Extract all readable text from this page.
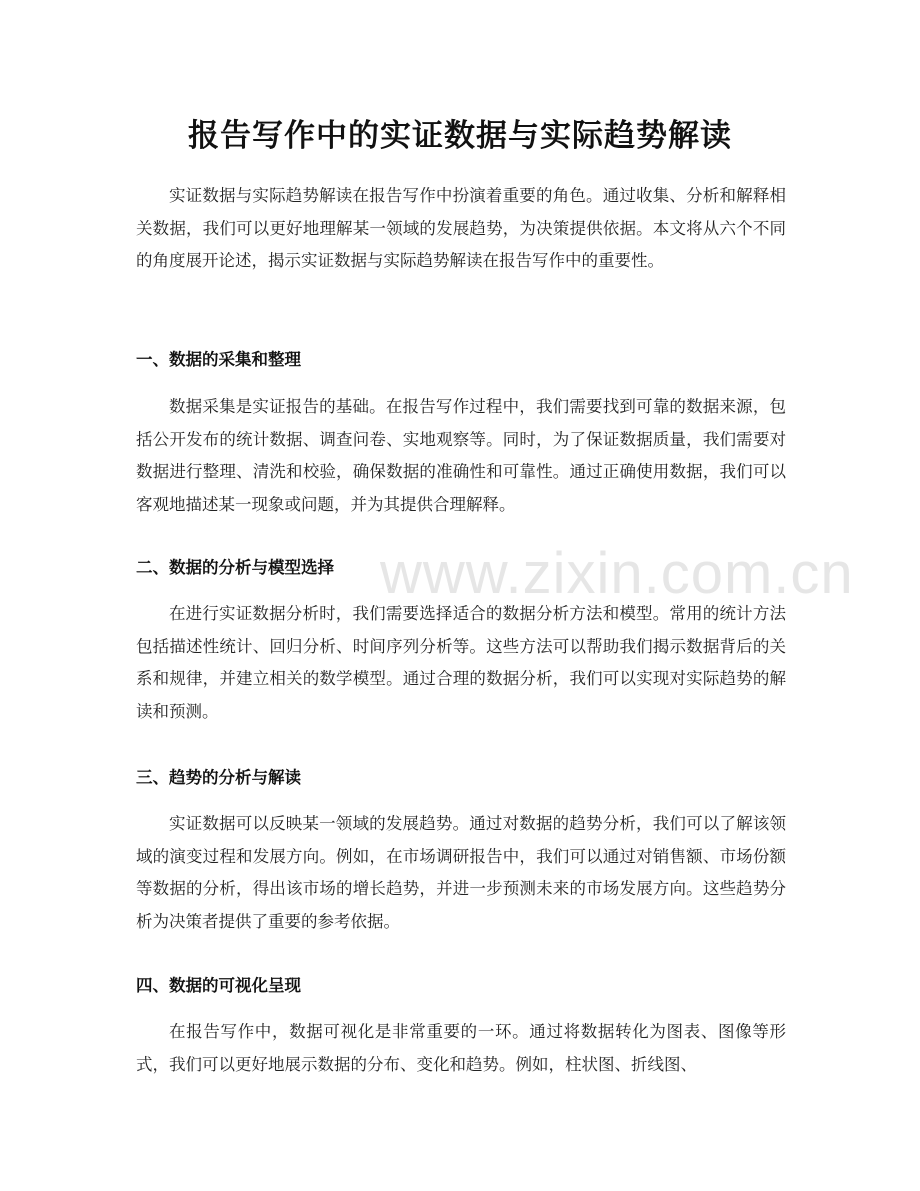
www.zixin.com.cn
报告写作中的实证数据与实际趋势解读

实证数据与实际趋势解读在报告写作中扮演着重要的角色。通过收集、分析和解释相关数据，我们可以更好地理解某一领域的发展趋势，为决策提供依据。本文将从六个不同的角度展开论述，揭示实证数据与实际趋势解读在报告写作中的重要性。

一、数据的采集和整理

数据采集是实证报告的基础。在报告写作过程中，我们需要找到可靠的数据来源，包括公开发布的统计数据、调查问卷、实地观察等。同时，为了保证数据质量，我们需要对数据进行整理、清洗和校验，确保数据的准确性和可靠性。通过正确使用数据，我们可以客观地描述某一现象或问题，并为其提供合理解释。

二、数据的分析与模型选择

在进行实证数据分析时，我们需要选择适合的数据分析方法和模型。常用的统计方法包括描述性统计、回归分析、时间序列分析等。这些方法可以帮助我们揭示数据背后的关系和规律，并建立相关的数学模型。通过合理的数据分析，我们可以实现对实际趋势的解读和预测。

三、趋势的分析与解读

实证数据可以反映某一领域的发展趋势。通过对数据的趋势分析，我们可以了解该领域的演变过程和发展方向。例如，在市场调研报告中，我们可以通过对销售额、市场份额等数据的分析，得出该市场的增长趋势，并进一步预测未来的市场发展方向。这些趋势分析为决策者提供了重要的参考依据。

四、数据的可视化呈现

在报告写作中，数据可视化是非常重要的一环。通过将数据转化为图表、图像等形式，我们可以更好地展示数据的分布、变化和趋势。例如，柱状图、折线图、
